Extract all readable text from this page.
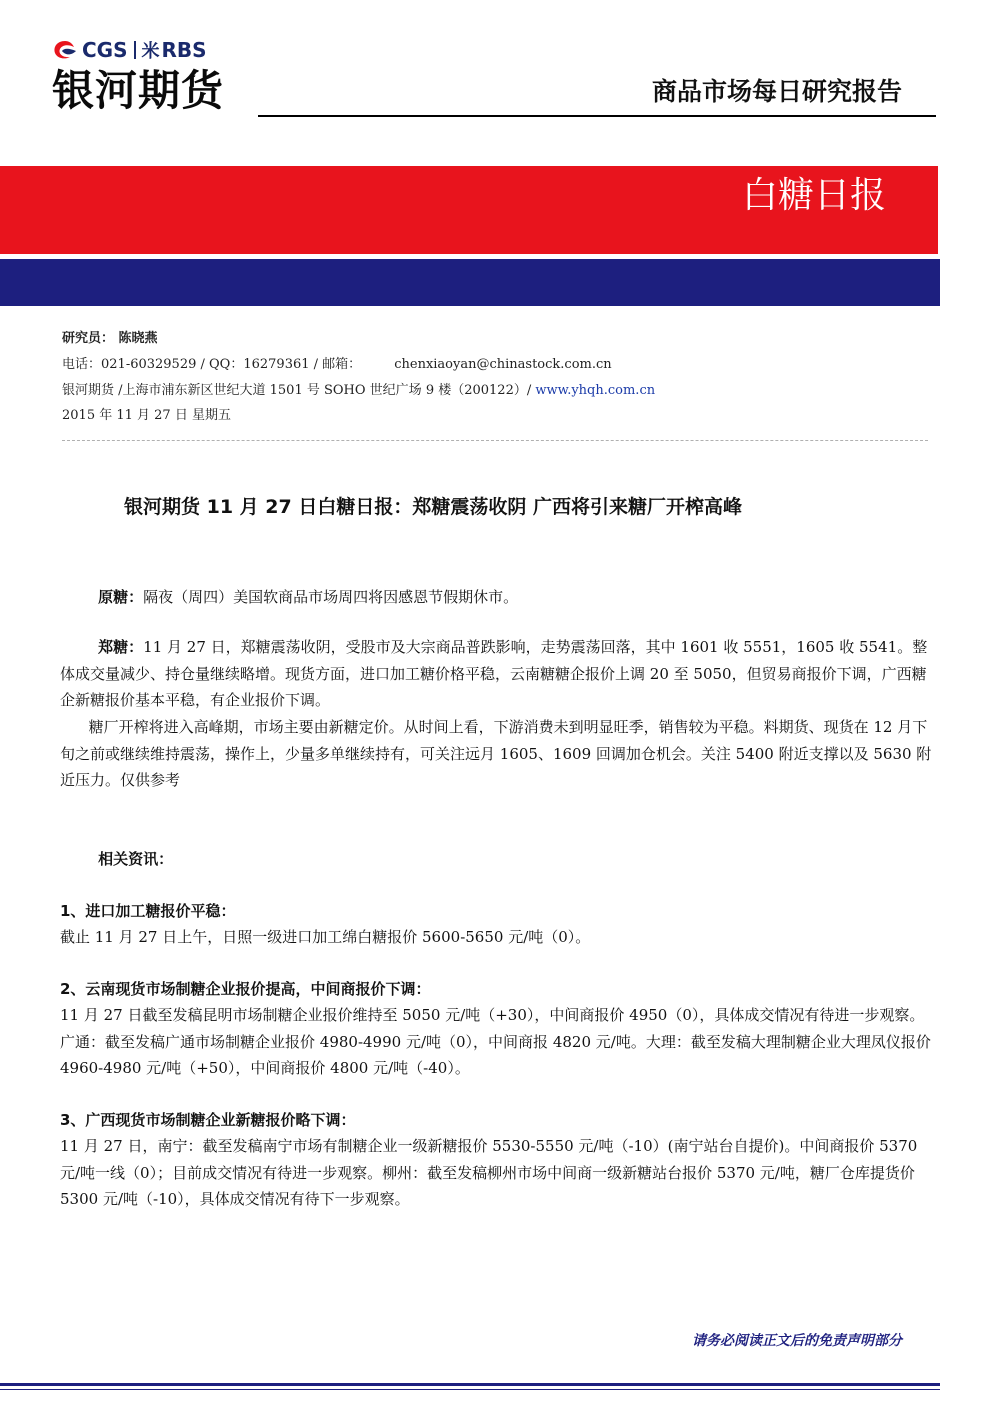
CGS ⽶ RBS
银河期货	商品市场每日研究报告
白糖日报
研究员： 陈晓燕
电话：021-60329529 / QQ：16279361 / 邮箱：	chenxiaoyan@chinastock.com.cn
银河期货 /上海市浦东新区世纪大道 1501 号 SOHO 世纪广场 9 楼（200122）/ www.yhqh.com.cn
2015 年 11 月 27 日 星期五
银河期货 11 月 27 日白糖日报：郑糖震荡收阴 广西将引来糖厂开榨高峰
原糖：隔夜（周四）美国软商品市场周四将因感恩节假期休市。
郑糖：11 月 27 日，郑糖震荡收阴，受股市及大宗商品普跌影响，走势震荡回落，其中 1601 收 5551，1605 收 5541。整体成交量减少、持仓量继续略增。现货方面，进口加工糖价格平稳，云南糖糖企报价上调 20 至 5050，但贸易商报价下调，广西糖企新糖报价基本平稳，有企业报价下调。
糖厂开榨将进入高峰期，市场主要由新糖定价。从时间上看，下游消费未到明显旺季，销售较为平稳。料期货、现货在 12 月下旬之前或继续维持震荡，操作上，少量多单继续持有，可关注远月 1605、1609 回调加仓机会。关注 5400 附近支撑以及 5630 附近压力。仅供参考
相关资讯：
1、进口加工糖报价平稳：
截止 11 月 27 日上午，日照一级进口加工绵白糖报价 5600-5650 元/吨（0）。
2、云南现货市场制糖企业报价提高，中间商报价下调：
11 月 27 日截至发稿昆明市场制糖企业报价维持至 5050 元/吨（+30），中间商报价 4950（0），具体成交情况有待进一步观察。广通：截至发稿广通市场制糖企业报价 4980-4990 元/吨（0），中间商报 4820 元/吨。大理：截至发稿大理制糖企业大理凤仪报价 4960-4980 元/吨（+50），中间商报价 4800 元/吨（-40）。
3、广西现货市场制糖企业新糖报价略下调：
11 月 27 日，南宁：截至发稿南宁市场有制糖企业一级新糖报价 5530-5550 元/吨（-10）(南宁站台自提价)。中间商报价 5370 元/吨一线（0）；目前成交情况有待进一步观察。柳州：截至发稿柳州市场中间商一级新糖站台报价 5370 元/吨，糖厂仓库提货价 5300 元/吨（-10），具体成交情况有待下一步观察。
请务必阅读正文后的免责声明部分
